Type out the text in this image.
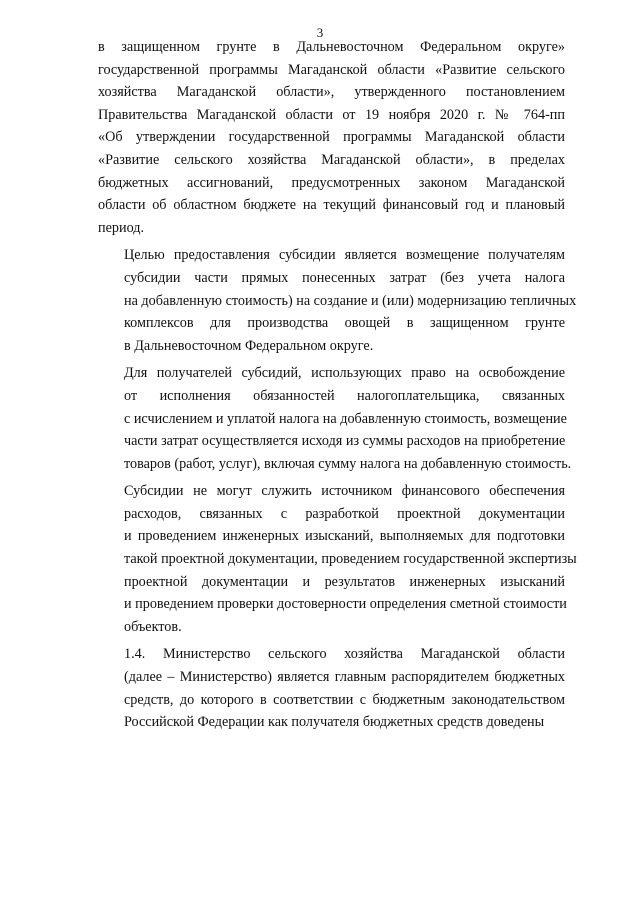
3

в защищенном грунте в Дальневосточном Федеральном округе»
государственной программы Магаданской области «Развитие сельского
хозяйства Магаданской области», утвержденного постановлением
Правительства Магаданской области от 19 ноября 2020 г. № 764-пп
«Об утверждении государственной программы Магаданской области
«Развитие сельского хозяйства Магаданской области», в пределах
бюджетных ассигнований, предусмотренных законом Магаданской
области об областном бюджете на текущий финансовый год и плановый
период.

Целью предоставления субсидии является возмещение получателям
субсидии части прямых понесенных затрат (без учета налога
на добавленную стоимость) на создание и (или) модернизацию тепличных
комплексов для производства овощей в защищенном грунте
в Дальневосточном Федеральном округе.

Для получателей субсидий, использующих право на освобождение
от исполнения обязанностей налогоплательщика, связанных
с исчислением и уплатой налога на добавленную стоимость, возмещение
части затрат осуществляется исходя из суммы расходов на приобретение
товаров (работ, услуг), включая сумму налога на добавленную стоимость.

Субсидии не могут служить источником финансового обеспечения
расходов, связанных с разработкой проектной документации
и проведением инженерных изысканий, выполняемых для подготовки
такой проектной документации, проведением государственной экспертизы
проектной документации и результатов инженерных изысканий
и проведением проверки достоверности определения сметной стоимости
объектов.

1.4. Министерство сельского хозяйства Магаданской области
(далее – Министерство) является главным распорядителем бюджетных
средств, до которого в соответствии с бюджетным законодательством
Российской Федерации как получателя бюджетных средств доведены
